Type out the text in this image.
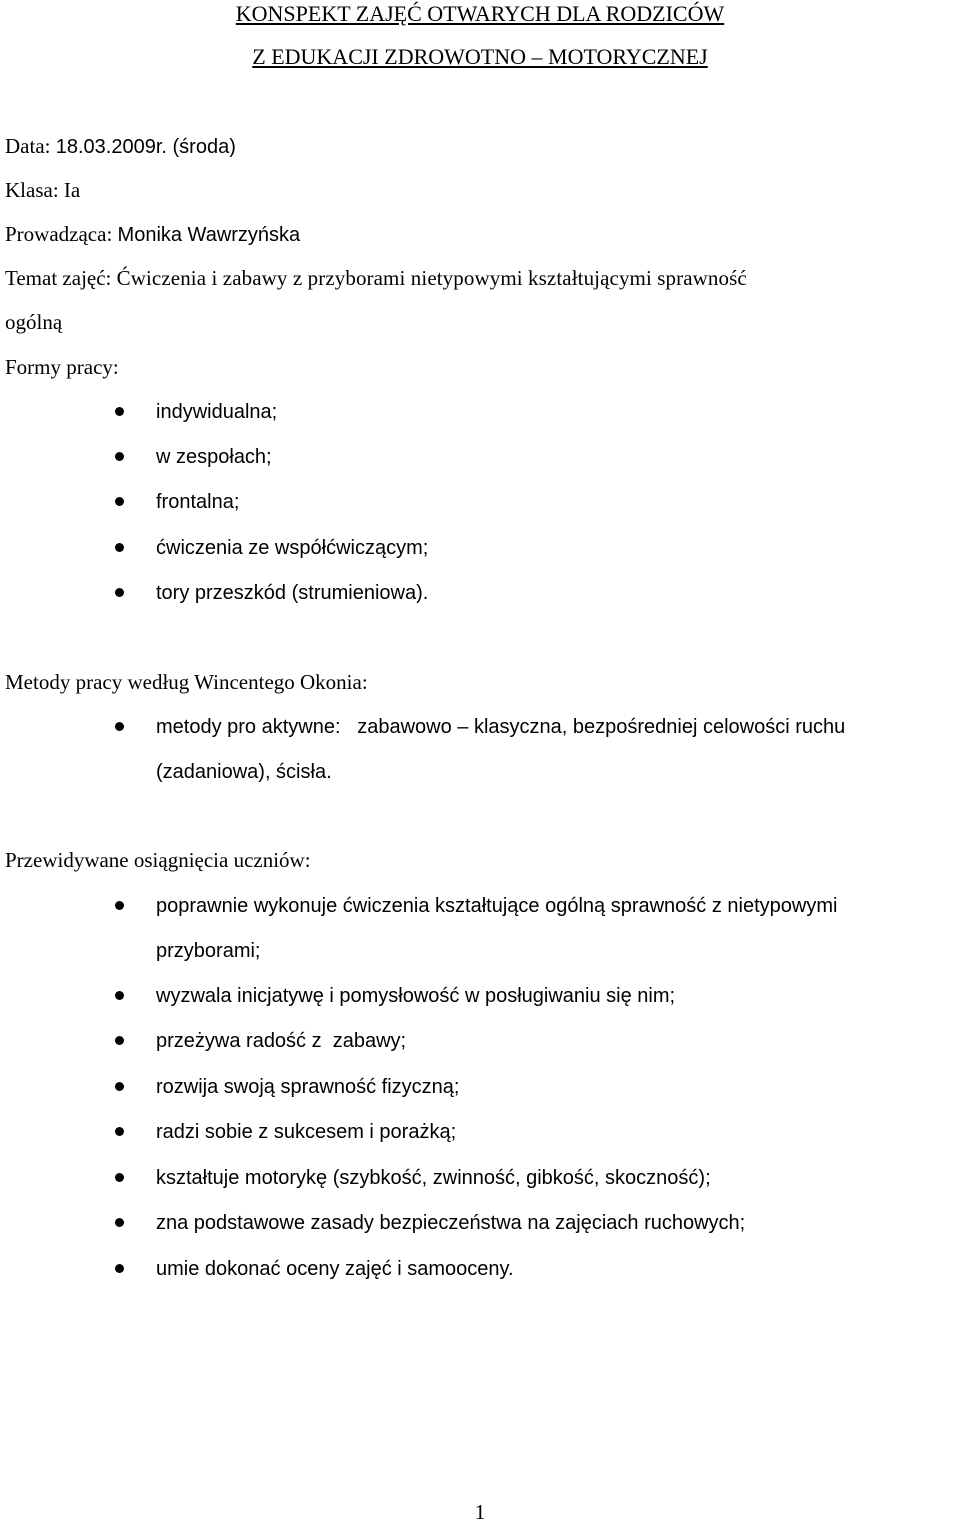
KONSPEKT ZAJĘĆ OTWARYCH DLA RODZICÓW
Z EDUKACJI ZDROWOTNO – MOTORYCZNEJ
Data: 18.03.2009r. (środa)
Klasa: Ia
Prowadząca: Monika Wawrzyńska
Temat zajęć: Ćwiczenia i zabawy z przyborami nietypowymi kształtującymi sprawność
ogólną
Formy pracy:
indywidualna;
w zespołach;
frontalna;
ćwiczenia ze współćwiczącym;
tory przeszkód (strumieniowa).
Metody pracy według Wincentego Okonia:
metody pro aktywne:   zabawowo – klasyczna, bezpośredniej celowości ruchu
(zadaniowa), ścisła.
Przewidywane osiągnięcia uczniów:
poprawnie wykonuje ćwiczenia kształtujące ogólną sprawność z nietypowymi
przyborami;
wyzwala inicjatywę i pomysłowość w posługiwaniu się nim;
przeżywa radość z  zabawy;
rozwija swoją sprawność fizyczną;
radzi sobie z sukcesem i porażką;
kształtuje motorykę (szybkość, zwinność, gibkość, skoczność);
zna podstawowe zasady bezpieczeństwa na zajęciach ruchowych;
umie dokonać oceny zajęć i samooceny.
1
